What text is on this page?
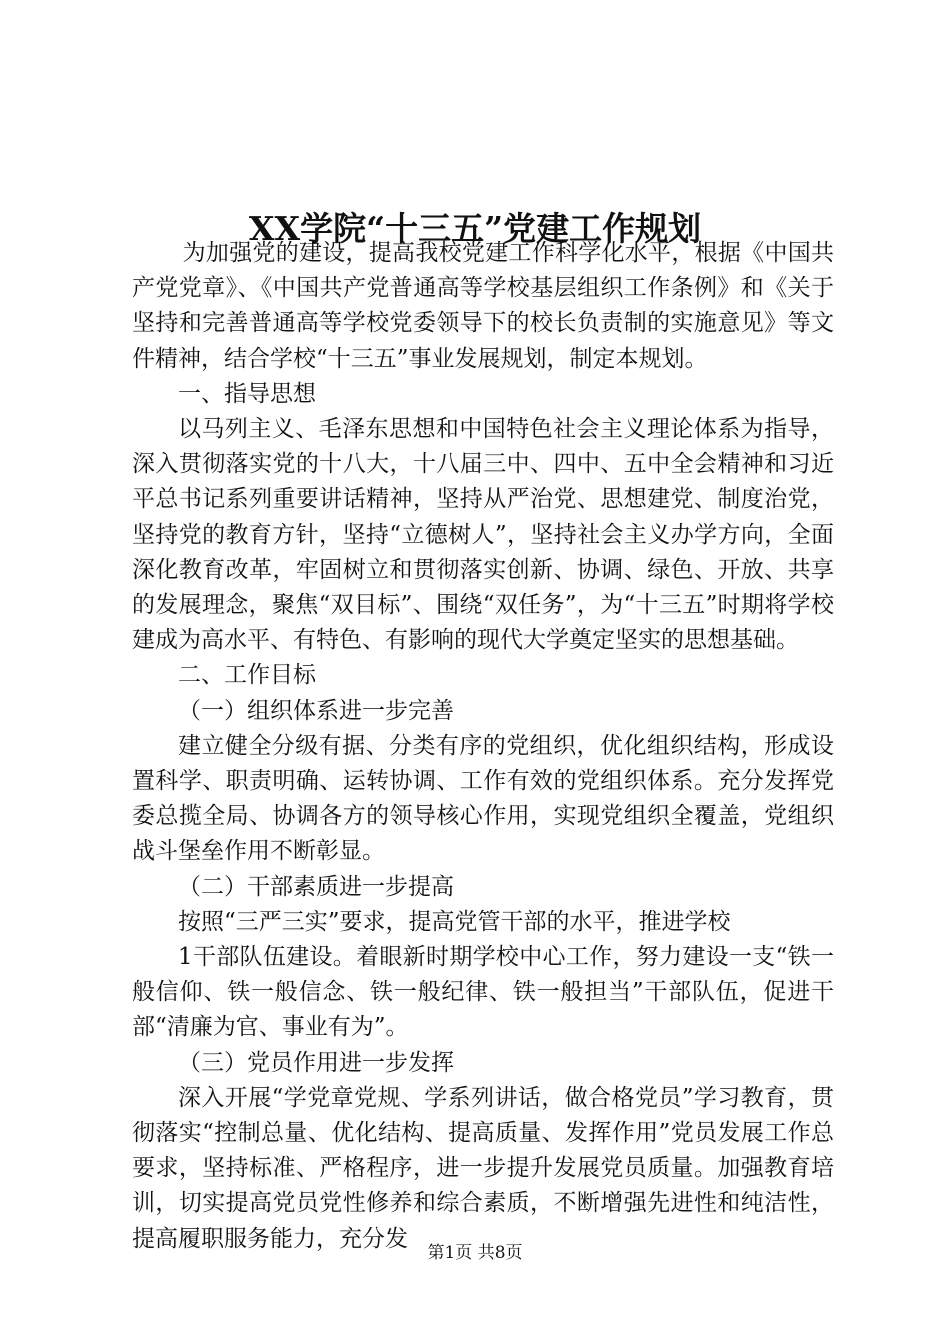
XX学院“十三五”党建工作规划

为加强党的建设，提高我校党建工作科学化水平，根据《中国共产党党章》、《中国共产党普通高等学校基层组织工作条例》和《关于坚持和完善普通高等学校党委领导下的校长负责制的实施意见》等文件精神，结合学校“十三五”事业发展规划，制定本规划。

一、指导思想

以马列主义、毛泽东思想和中国特色社会主义理论体系为指导，深入贯彻落实党的十八大，十八届三中、四中、五中全会精神和习近平总书记系列重要讲话精神，坚持从严治党、思想建党、制度治党，坚持党的教育方针，坚持“立德树人”，坚持社会主义办学方向，全面深化教育改革，牢固树立和贯彻落实创新、协调、绿色、开放、共享的发展理念，聚焦“双目标”、围绕“双任务”，为“十三五”时期将学校建成为高水平、有特色、有影响的现代大学奠定坚实的思想基础。

二、工作目标

（一）组织体系进一步完善

建立健全分级有据、分类有序的党组织，优化组织结构，形成设置科学、职责明确、运转协调、工作有效的党组织体系。充分发挥党委总揽全局、协调各方的领导核心作用，实现党组织全覆盖，党组织战斗堡垒作用不断彰显。

（二）干部素质进一步提高

按照“三严三实”要求，提高党管干部的水平，推进学校

1干部队伍建设。着眼新时期学校中心工作，努力建设一支“铁一般信仰、铁一般信念、铁一般纪律、铁一般担当”干部队伍，促进干部“清廉为官、事业有为”。

（三）党员作用进一步发挥

深入开展“学党章党规、学系列讲话，做合格党员”学习教育，贯彻落实“控制总量、优化结构、提高质量、发挥作用”党员发展工作总要求，坚持标准、严格程序，进一步提升发展党员质量。加强教育培训，切实提高党员党性修养和综合素质，不断增强先进性和纯洁性，提高履职服务能力，充分发

第1页 共8页
